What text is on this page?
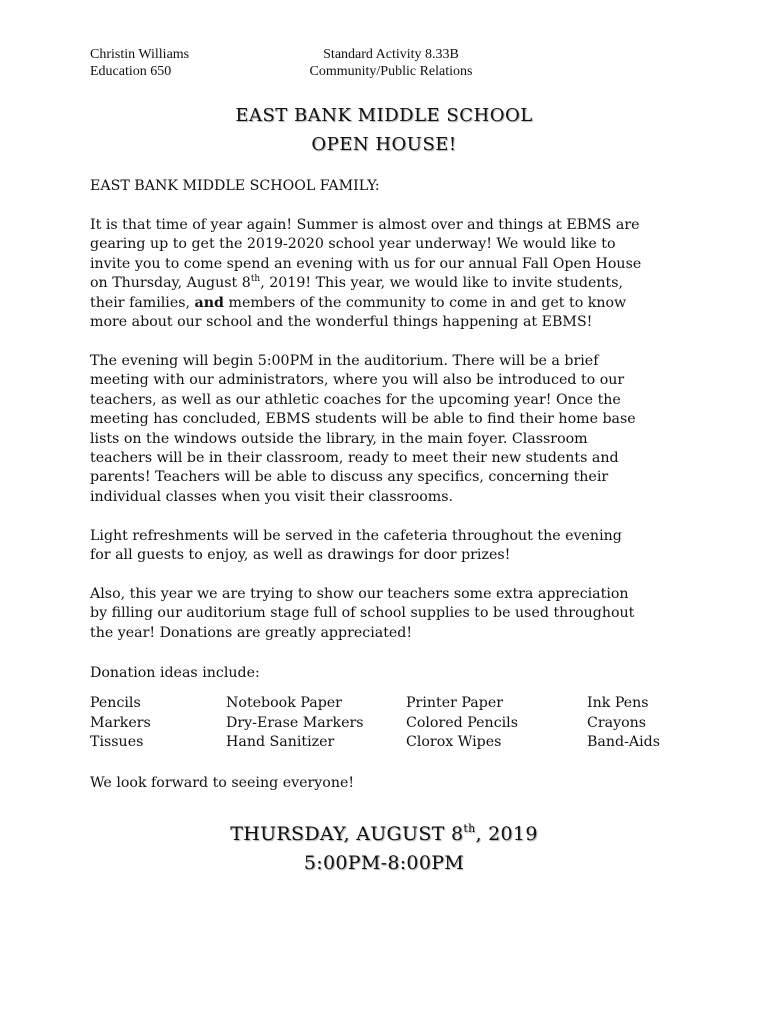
Christin Williams
Education 650
Standard Activity 8.33B
Community/Public Relations
EAST BANK MIDDLE SCHOOL
OPEN HOUSE!

EAST BANK MIDDLE SCHOOL FAMILY:

It is that time of year again! Summer is almost over and things at EBMS are
gearing up to get the 2019-2020 school year underway! We would like to
invite you to come spend an evening with us for our annual Fall Open House
on Thursday, August 8th, 2019! This year, we would like to invite students,
their families, and members of the community to come in and get to know
more about our school and the wonderful things happening at EBMS!
The evening will begin 5:00PM in the auditorium. There will be a brief
meeting with our administrators, where you will also be introduced to our
teachers, as well as our athletic coaches for the upcoming year! Once the
meeting has concluded, EBMS students will be able to find their home base
lists on the windows outside the library, in the main foyer. Classroom
teachers will be in their classroom, ready to meet their new students and
parents! Teachers will be able to discuss any specifics, concerning their
individual classes when you visit their classrooms.
Light refreshments will be served in the cafeteria throughout the evening
for all guests to enjoy, as well as drawings for door prizes!
Also, this year we are trying to show our teachers some extra appreciation
by filling our auditorium stage full of school supplies to be used throughout
the year! Donations are greatly appreciated!

Donation ideas include:

Pencils	Notebook Paper	Printer Paper	Ink Pens
Markers	Dry-Erase Markers	Colored Pencils	Crayons
Tissues	Hand Sanitizer	Clorox Wipes	Band-Aids

We look forward to seeing everyone!

THURSDAY, AUGUST 8th, 2019
5:00PM-8:00PM
